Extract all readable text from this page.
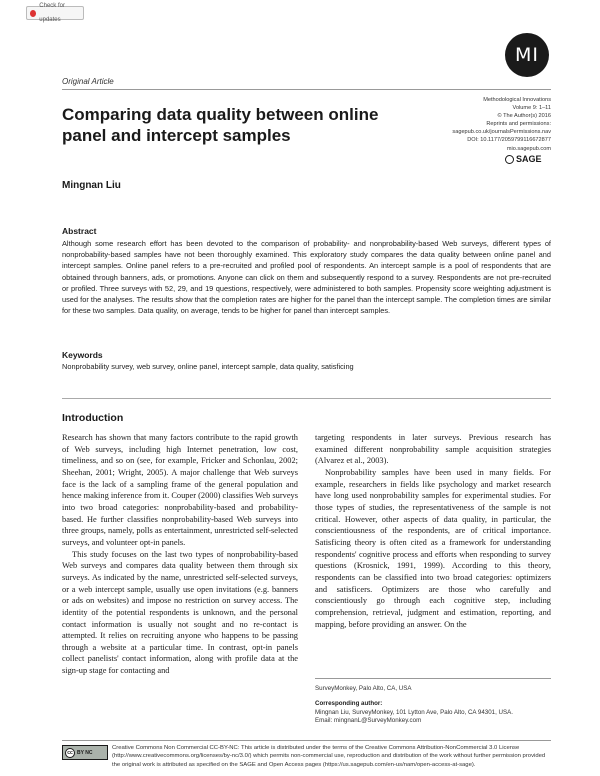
Check for updates
MI
Original Article
Comparing data quality between online panel and intercept samples
Methodological Innovations
Volume 9: 1–11
© The Author(s) 2016
Reprints and permissions:
sagepub.co.uk/journalsPermissions.nav
DOI: 10.1177/2059799116672877
mio.sagepub.com
SAGE
Mingnan Liu
Abstract
Although some research effort has been devoted to the comparison of probability- and nonprobability-based Web surveys, different types of nonprobability-based samples have not been thoroughly examined. This exploratory study compares the data quality between online panel and intercept samples. Online panel refers to a pre-recruited and profiled pool of respondents. An intercept sample is a pool of respondents that are obtained through banners, ads, or promotions. Anyone can click on them and subsequently respond to a survey. Respondents are not pre-recruited or profiled. Three surveys with 52, 29, and 19 questions, respectively, were administered to both samples. Propensity score weighting adjustment is used for the analyses. The results show that the completion rates are higher for the panel than the intercept sample. The completion times are similar for these two samples. Data quality, on average, tends to be higher for panel than intercept samples.
Keywords
Nonprobability survey, web survey, online panel, intercept sample, data quality, satisficing
Introduction

Research has shown that many factors contribute to the rapid growth of Web surveys, including high Internet penetration, low cost, timeliness, and so on (see, for example, Fricker and Schonlau, 2002; Sheehan, 2001; Wright, 2005). A major challenge that Web surveys face is the lack of a sampling frame of the general population and hence making inference from it. Couper (2000) classifies Web surveys into two broad categories: nonprobability-based and probability-based. He further classifies nonprobability-based Web surveys into three groups, namely, polls as entertainment, unrestricted self-selected surveys, and volunteer opt-in panels.

This study focuses on the last two types of nonprobability-based Web surveys and compares data quality between them through six surveys. As indicated by the name, unrestricted self-selected surveys, or a web intercept sample, usually use open invitations (e.g. banners or ads on websites) and impose no restriction on survey access. The identity of the potential respondents is unknown, and the personal contact information is usually not sought and no re-contact is attempted. It relies on recruiting anyone who happens to be passing through a website at a particular time. In contrast, opt-in panels collect panelists' contact information, along with profile data at the sign-up stage for contacting and

targeting respondents in later surveys. Previous research has examined different nonprobability sample acquisition strategies (Alvarez et al., 2003).

Nonprobability samples have been used in many fields. For example, researchers in fields like psychology and market research have long used nonprobability samples for experimental studies. For those types of studies, the representativeness of the sample is not critical. However, other aspects of data quality, in particular, the conscientiousness of the respondents, are of critical importance. Satisficing theory is often cited as a framework for understanding respondents' cognitive process and efforts when responding to survey questions (Krosnick, 1991, 1999). According to this theory, respondents can be classified into two broad categories: optimizers and satisficers. Optimizers are those who carefully and conscientiously go through each cognitive step, including comprehension, retrieval, judgment and estimation, reporting, and mapping, before providing an answer. On the

SurveyMonkey, Palo Alto, CA, USA
Corresponding author:
Mingnan Liu, SurveyMonkey, 101 Lytton Ave, Palo Alto, CA 94301, USA.
Email: mingnanL@SurveyMonkey.com
cc BY NC
Creative Commons Non Commercial CC-BY-NC: This article is distributed under the terms of the Creative Commons Attribution-NonCommercial 3.0 License (http://www.creativecommons.org/licenses/by-nc/3.0/) which permits non-commercial use, reproduction and distribution of the work without further permission provided the original work is attributed as specified on the SAGE and Open Access pages (https://us.sagepub.com/en-us/nam/open-access-at-sage).
